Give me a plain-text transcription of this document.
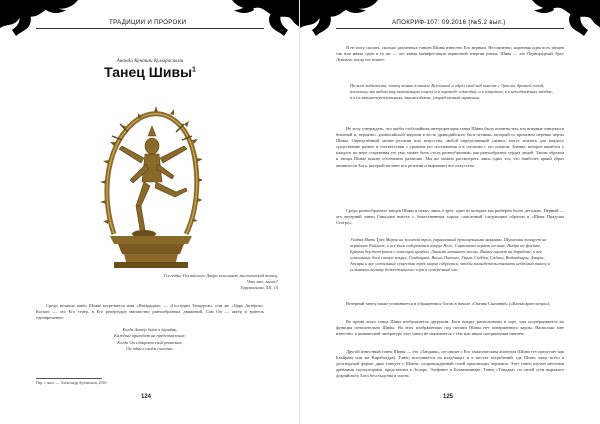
ТРАДИЦИИ И ПРОРОКИ
Ананда Кентиш Кумарасвами
Танец Шивы$^1$
Господин Тиллаи́ского Двора исполняет мистический танец.
Что это, вы́ше?
Тирувасагам, XII, 14
Среди великих имён Шивы встречается имя «Натараджа» — «Господин Танцоров», или же «Царь Актёров». Космос — это Его театр, в Его репертуаре множество разнообразных движений, Сам Он — актёр и зритель одновременно:
Когда Актёр бьёт в барабан,
Каждый приходит на представление;
Когда Он собирает свой реквизит,
Он один в своём счастье.
Пер. с англ. — Александр Артамонов, 2016.
124
АПОКРИФ-107: 09.2016 (№5.2 вып.)
Я не могу сказать, сколько различных танцев Шивы известно Его верным. Несомненно, коренная идея всех танцев так или иначе одна и та же — это явная манифестация первичной энергии ритма. Шива — это Перворо́дный Эрос Лукиана, когда тот пишет:
По всей видимости, танец возник в начале Вселенной и обрёл свой вид вместе с Эросом, древней силой, поскольку мы видим эту изначальную пляску и в хороводе созвездий, и в планетах, и в неподвижных звёздах, и в их взаимопереплетениях, взаимообмене, упорядоченной гармонии.
Не хочу утверждать, что якобы глубочайшая интерпретация танца Шивы была понятна тем, кто впервые танцевал в бешеной и, вероятно, дионисийской энергии в честь дравидийского бога-лесника, который со временем перенял черты Шивы. Определённый мотив религии или искусства, любой определяющий символ, могут значить для каждого существенно разное в соответствии с уровнем его постижения и в согласии с его опытом. Знание, которое является у каждого по мере созревания его ума, может быть столь разнообразным, как разнообразны сердца людей. Таким образом и танцы Шивы можно обозначить различно. Мы же можем рассмотреть лишь один, тот, что наиболее яркий образ активности Бога, который желают все религии и выражают все искусства.
Среди разнообразных танцев Шивы я скажу лишь о трёх, один из которых мы разберём более детально. Первый — это вечерний танец Гималаев вместе с божественным хором, описанный следующим образом в «Шива Прадоша Стотре»:
Усадив Мать Трёх Миров на золотой трон, украшенный драгоценными камнями, Шулапани танцует на вершинах Кайласа, и все боги собираются вокруг Него; Сарасвати играет на вине, Индра на флейте, Брахма держит ритм с помощью цимбал, Лакшми начинает песню, Вишну играет на барабане, и все остальные боги стоят вокруг; Гандхарвы, Якши, Патаги, Урага, Сиддхи, Садхьи, Видьядхары, Амары, Апсары и все остальные существа трёх миров собрались, чтобы засвидетельствовать небесный танец и услышать музыку божественного хора в сумеречный час.
Вечерний танец также упоминается в обращении к богам в начале «Океана Сказаний» («Катхасаритсагара»).
Во время этого танца Шива изображается двуруким. Боги вокруг расположены в хоре, чем подчёркивается их функция относительно Шивы. На этих изображениях под ногами Шивы нет поверженного карлы. Насколько мне известно, в шиваитской литературе этот танец не связывается с тем или иным специальным именем.
Другой известный танец Шивы — это «Тандава», он связан с Его тамасическим аспектом (Шива тут предстаёт как Бхайрава или же Вирабхадра). Танец исполняется на кладбищах и в местах погребений, где Шива, чаще всего в десятирукой форме, дико танцует с Шакти, сопровождаемый стаей прыгающих чертиков. Этот танец изучен многими древними скульпторами, представлен в Эллоре, Элефанте и Бхуванешваре. Танец «Тандава» по своей сути выражает доарийского Бога бесстыдства и плоти.
125
